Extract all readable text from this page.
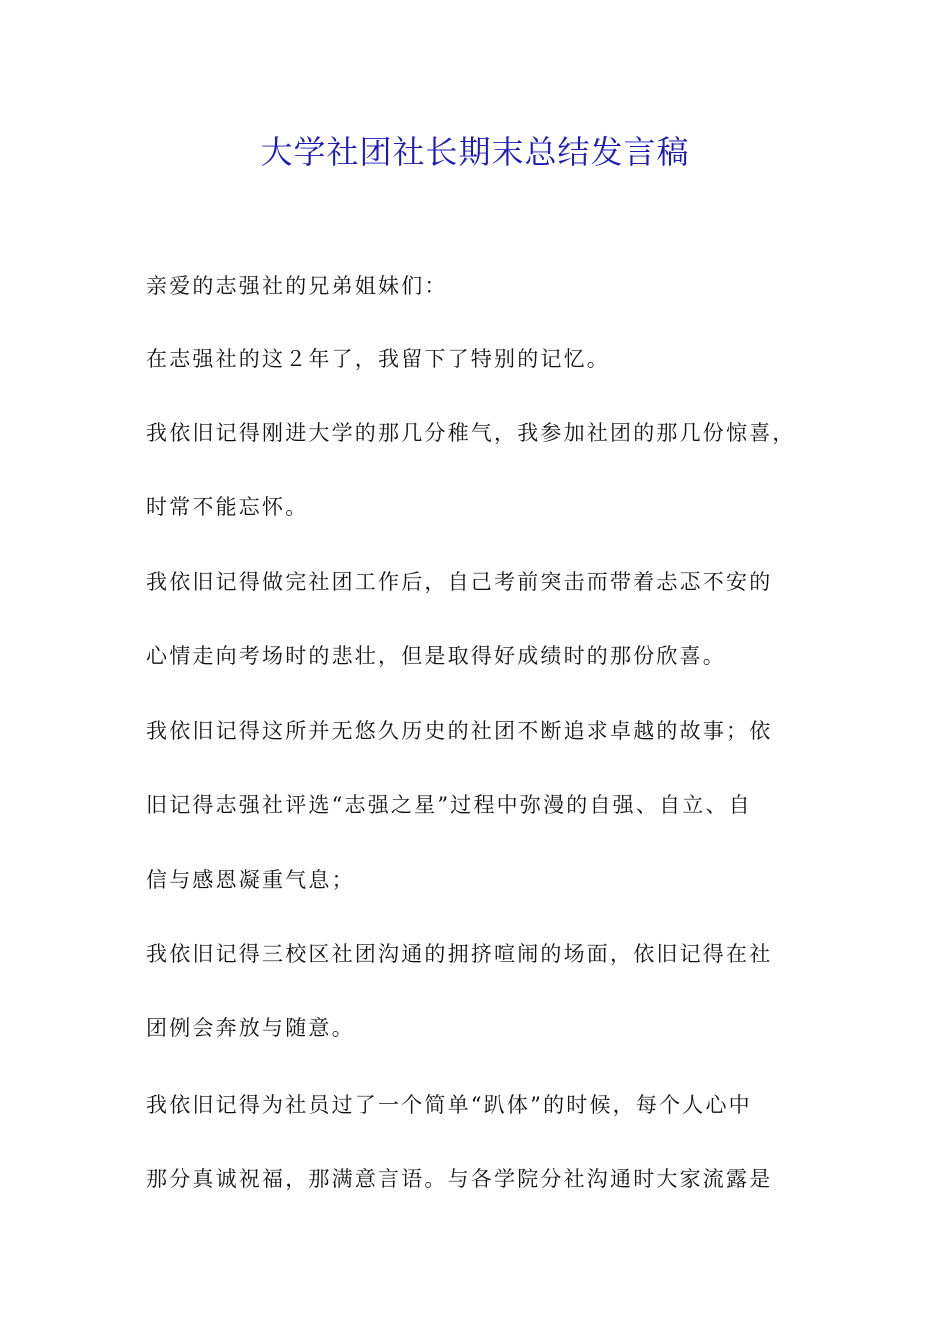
大学社团社长期末总结发言稿

亲爱的志强社的兄弟姐妹们：

在志强社的这２年了，我留下了特别的记忆。

我依旧记得刚进大学的那几分稚气，我参加社团的那几份惊喜，

时常不能忘怀。

我依旧记得做完社团工作后，自己考前突击而带着忐忑不安的

心情走向考场时的悲壮，但是取得好成绩时的那份欣喜。

我依旧记得这所并无悠久历史的社团不断追求卓越的故事；依

旧记得志强社评选“志强之星”过程中弥漫的自强、自立、自

信与感恩凝重气息；

我依旧记得三校区社团沟通的拥挤喧闹的场面，依旧记得在社

团例会奔放与随意。

我依旧记得为社员过了一个简单“趴体”的时候，每个人心中

那分真诚祝福，那满意言语。与各学院分社沟通时大家流露是
